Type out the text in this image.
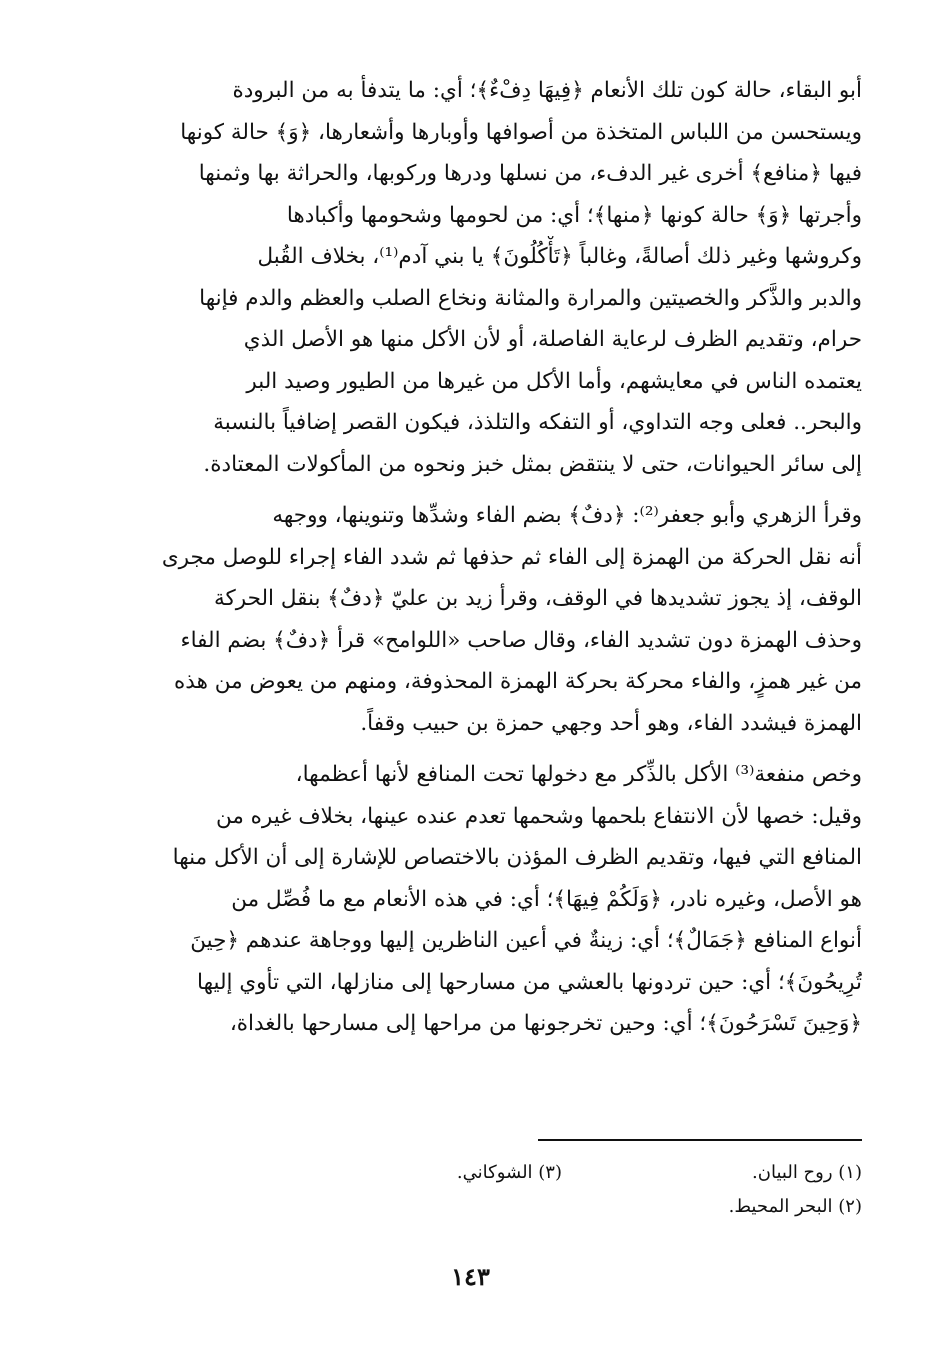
أبو البقاء، حالة كون تلك الأنعام ﴿فِيهَا دِفْءٌ﴾؛ أي: ما يتدفأ به من البرودة
ويستحسن من اللباس المتخذة من أصوافها وأوبارها وأشعارها، ﴿وَ﴾ حالة كونها
فيها ﴿منافع﴾ أخرى غير الدفء، من نسلها ودرها وركوبها، والحراثة بها وثمنها
وأجرتها ﴿وَ﴾ حالة كونها ﴿منها﴾؛ أي: من لحومها وشحومها وأكبادها
وكروشها وغير ذلك أصالةً، وغالباً ﴿تَأْكُلُونَ﴾ يا بني آدم⁽¹⁾، بخلاف القُبل
والدبر والذَّكر والخصيتين والمرارة والمثانة ونخاع الصلب والعظم والدم فإنها
حرام، وتقديم الظرف لرعاية الفاصلة، أو لأن الأكل منها هو الأصل الذي
يعتمده الناس في معايشهم، وأما الأكل من غيرها من الطيور وصيد البر
والبحر.. فعلى وجه التداوي، أو التفكه والتلذذ، فيكون القصر إضافياً بالنسبة
إلى سائر الحيوانات، حتى لا ينتقض بمثل خبز ونحوه من المأكولات المعتادة.

وقرأ الزهري وأبو جعفر⁽²⁾: ﴿دفٌ﴾ بضم الفاء وشدِّها وتنوينها، ووجهه
أنه نقل الحركة من الهمزة إلى الفاء ثم حذفها ثم شدد الفاء إجراء للوصل مجرى
الوقف، إذ يجوز تشديدها في الوقف، وقرأ زيد بن عليّ ﴿دفٌ﴾ بنقل الحركة
وحذف الهمزة دون تشديد الفاء، وقال صاحب «اللوامح» قرأ ﴿دفٌ﴾ بضم الفاء
من غير همزٍ، والفاء محركة بحركة الهمزة المحذوفة، ومنهم من يعوض من هذه
الهمزة فيشدد الفاء، وهو أحد وجهي حمزة بن حبيب وقفاً.

وخص منفعة⁽³⁾ الأكل بالذِّكر مع دخولها تحت المنافع لأنها أعظمها،
وقيل: خصها لأن الانتفاع بلحمها وشحمها تعدم عنده عينها، بخلاف غيره من
المنافع التي فيها، وتقديم الظرف المؤذن بالاختصاص للإشارة إلى أن الأكل منها
هو الأصل، وغيره نادر، ﴿وَلَكُمْ فِيهَا﴾؛ أي: في هذه الأنعام مع ما فُصِّل من
أنواع المنافع ﴿جَمَالٌ﴾؛ أي: زينةٌ في أعين الناظرين إليها ووجاهة عندهم ﴿حِينَ
تُرِيحُونَ﴾؛ أي: حين تردونها بالعشي من مسارحها إلى منازلها، التي تأوي إليها
﴿وَحِينَ تَسْرَحُونَ﴾؛ أي: وحين تخرجونها من مراحها إلى مسارحها بالغداة،

(١) روح البيان.
(٣) الشوكاني.
(٢) البحر المحيط.
١٤٣
